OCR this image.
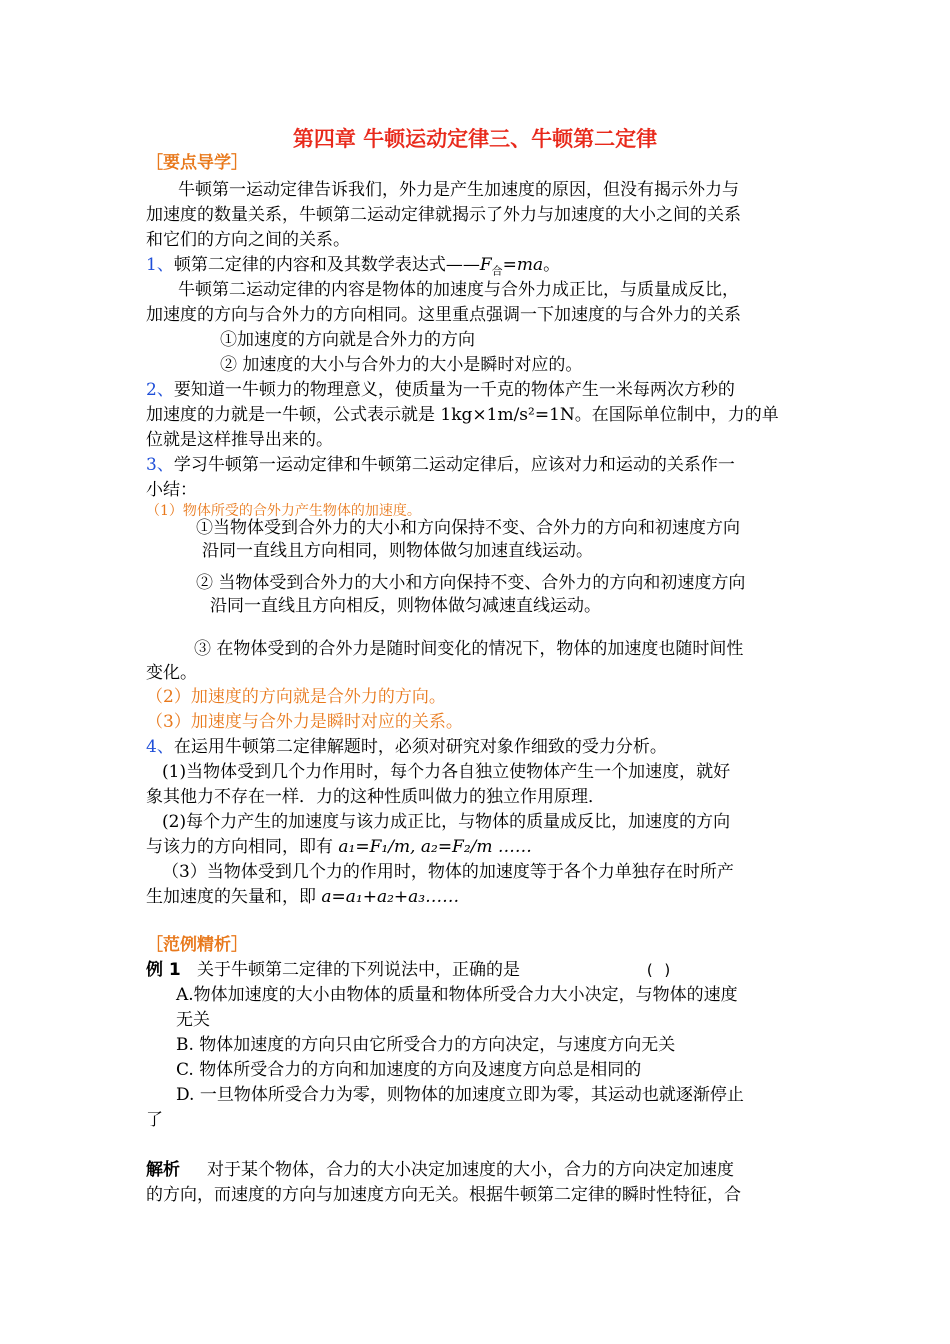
第四章 牛顿运动定律三、牛顿第二定律
［要点导学］
牛顿第一运动定律告诉我们，外力是产生加速度的原因，但没有揭示外力与
加速度的数量关系，牛顿第二运动定律就揭示了外力与加速度的大小之间的关系
和它们的方向之间的关系。
1、顿第二定律的内容和及其数学表达式$——F_合=ma$。
牛顿第二运动定律的内容是物体的加速度与合外力成正比，与质量成反比，
加速度的方向与合外力的方向相同。这里重点强调一下加速度的与合外力的关系
①加速度的方向就是合外力的方向
② 加速度的大小与合外力的大小是瞬时对应的。
2、要知道一牛顿力的物理意义，使质量为一千克的物体产生一米每两次方秒的
加速度的力就是一牛顿，公式表示就是 1kg×1m/s²=1N。在国际单位制中，力的单
位就是这样推导出来的。
3、学习牛顿第一运动定律和牛顿第二运动定律后，应该对力和运动的关系作一
小结：
（1）物体所受的合外力产生物体的加速度。
①当物体受到合外力的大小和方向保持不变、合外力的方向和初速度方向
沿同一直线且方向相同，则物体做匀加速直线运动。
② 当物体受到合外力的大小和方向保持不变、合外力的方向和初速度方向
沿同一直线且方向相反，则物体做匀减速直线运动。
③ 在物体受到的合外力是随时间变化的情况下，物体的加速度也随时间性
变化。
（2）加速度的方向就是合外力的方向。
（3）加速度与合外力是瞬时对应的关系。
4、在运用牛顿第二定律解题时，必须对研究对象作细致的受力分析。
(1)当物体受到几个力作用时，每个力各自独立使物体产生一个加速度，就好
象其他力不存在一样．力的这种性质叫做力的独立作用原理．
(2)每个力产生的加速度与该力成正比，与物体的质量成反比，加速度的方向
与该力的方向相同，即有 a₁=F₁/m, a₂=F₂/m ……
（3）当物体受到几个力的作用时，物体的加速度等于各个力单独存在时所产
生加速度的矢量和，即 a=a₁+a₂+a₃……
［范例精析］
例 1 关于牛顿第二定律的下列说法中，正确的是	( )
A.物体加速度的大小由物体的质量和物体所受合力大小决定，与物体的速度
无关
B. 物体加速度的方向只由它所受合力的方向决定，与速度方向无关
C. 物体所受合力的方向和加速度的方向及速度方向总是相同的
D. 一旦物体所受合力为零，则物体的加速度立即为零，其运动也就逐渐停止
了
解析 对于某个物体，合力的大小决定加速度的大小，合力的方向决定加速度
的方向，而速度的方向与加速度方向无关。根据牛顿第二定律的瞬时性特征，合
